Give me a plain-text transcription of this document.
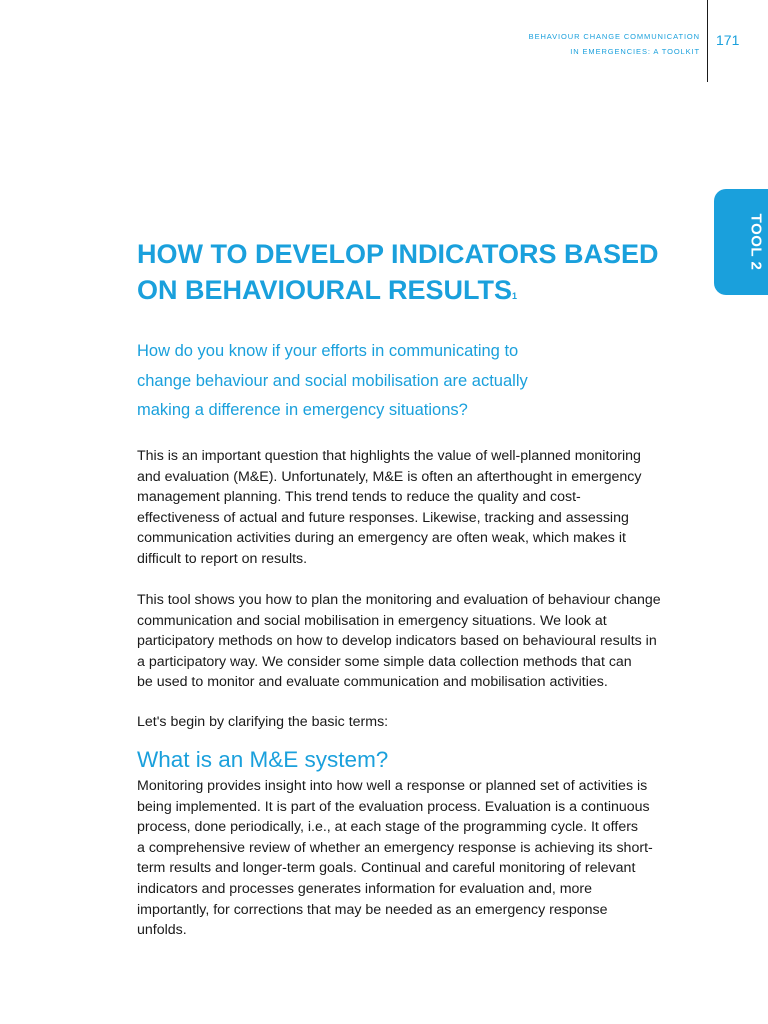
BEHAVIOUR CHANGE COMMUNICATION
IN EMERGENCIES: A TOOLKIT
171
TOOL 2
HOW TO DEVELOP INDICATORS BASED
ON BEHAVIOURAL RESULTS$^1$

How do you know if your efforts in communicating to
change behaviour and social mobilisation are actually
making a difference in emergency situations?

This is an important question that highlights the value of well-planned monitoring
and evaluation (M&E). Unfortunately, M&E is often an afterthought in emergency
management planning. This trend tends to reduce the quality and cost-
effectiveness of actual and future responses. Likewise, tracking and assessing
communication activities during an emergency are often weak, which makes it
difficult to report on results.

This tool shows you how to plan the monitoring and evaluation of behaviour change
communication and social mobilisation in emergency situations. We look at
participatory methods on how to develop indicators based on behavioural results in
a participatory way. We consider some simple data collection methods that can
be used to monitor and evaluate communication and mobilisation activities.

Let's begin by clarifying the basic terms:

What is an M&E system?

Monitoring provides insight into how well a response or planned set of activities is
being implemented. It is part of the evaluation process. Evaluation is a continuous
process, done periodically, i.e., at each stage of the programming cycle. It offers
a comprehensive review of whether an emergency response is achieving its short-
term results and longer-term goals. Continual and careful monitoring of relevant
indicators and processes generates information for evaluation and, more
importantly, for corrections that may be needed as an emergency response
unfolds.
